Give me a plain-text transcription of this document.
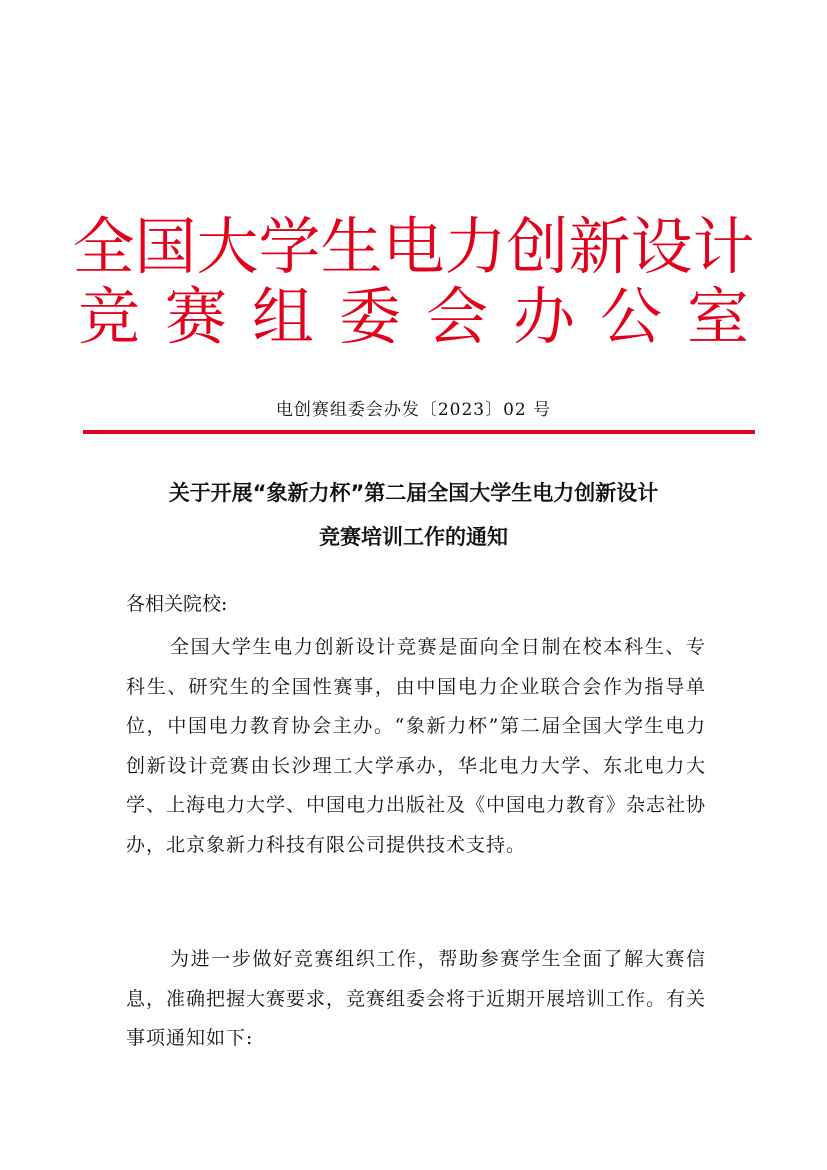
全国大学生电力创新设计
竞赛组委会办公室
电创赛组委会办发〔2023〕02 号
关于开展“象新力杯”第二届全国大学生电力创新设计
竞赛培训工作的通知
各相关院校:

全国大学生电力创新设计竞赛是面向全日制在校本科生、专科生、研究生的全国性赛事，由中国电力企业联合会作为指导单位，中国电力教育协会主办。“象新力杯”第二届全国大学生电力创新设计竞赛由长沙理工大学承办，华北电力大学、东北电力大学、上海电力大学、中国电力出版社及《中国电力教育》杂志社协办，北京象新力科技有限公司提供技术支持。

为进一步做好竞赛组织工作，帮助参赛学生全面了解大赛信息，准确把握大赛要求，竞赛组委会将于近期开展培训工作。有关事项通知如下:
